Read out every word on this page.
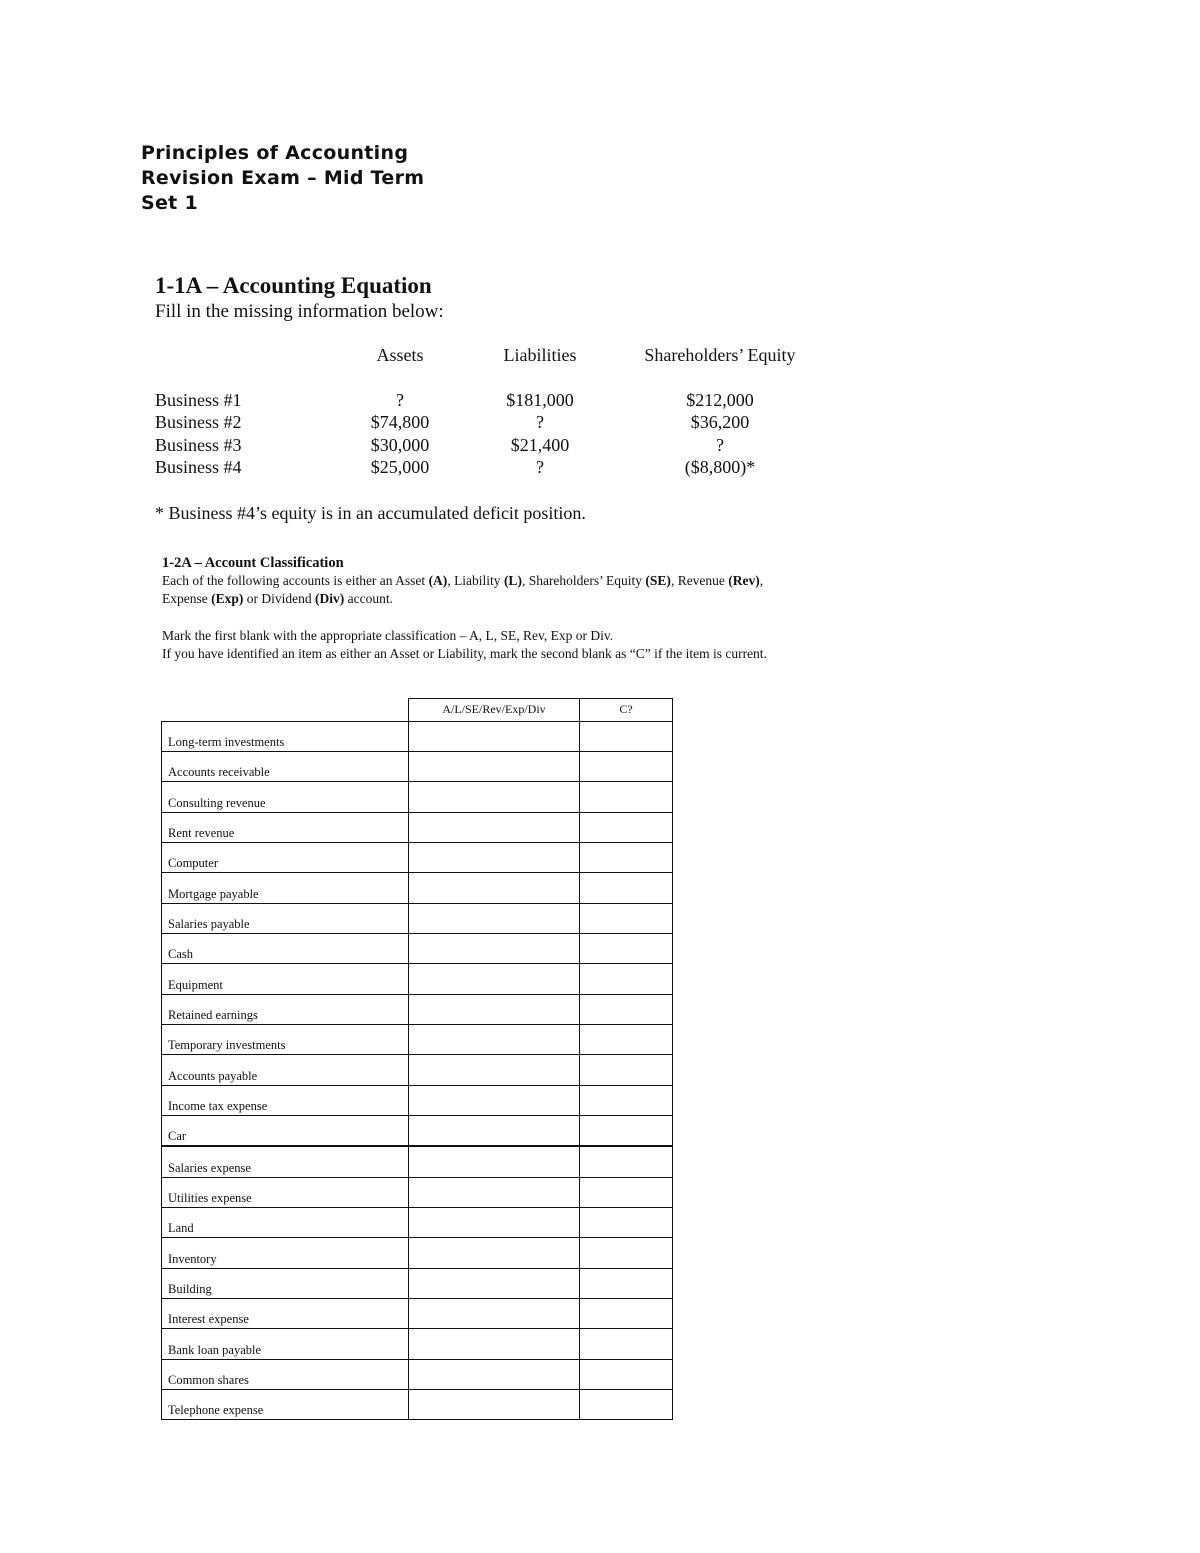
Principles of Accounting
Revision Exam – Mid Term
Set 1
1-1A – Accounting Equation
Fill in the missing information below:
	Assets	Liabilities	Shareholders’ Equity
Business #1	?	$181,000	$212,000
Business #2	$74,800	?	$36,200
Business #3	$30,000	$21,400	?
Business #4	$25,000	?	($8,800)*
* Business #4’s equity is in an accumulated deficit position.
1-2A – Account Classification
Each of the following accounts is either an Asset (A), Liability (L), Shareholders’ Equity (SE), Revenue (Rev), Expense (Exp) or Dividend (Div) account.
Mark the first blank with the appropriate classification – A, L, SE, Rev, Exp or Div.
If you have identified an item as either an Asset or Liability, mark the second blank as “C” if the item is current.
	A/L/SE/Rev/Exp/Div	C?
Long-term investments		
Accounts receivable		
Consulting revenue		
Rent revenue		
Computer		
Mortgage payable		
Salaries payable		
Cash		
Equipment		
Retained earnings		
Temporary investments		
Accounts payable		
Income tax expense		
Car		
Salaries expense		
Utilities expense		
Land		
Inventory		
Building		
Interest expense		
Bank loan payable		
Common shares		
Telephone expense		
